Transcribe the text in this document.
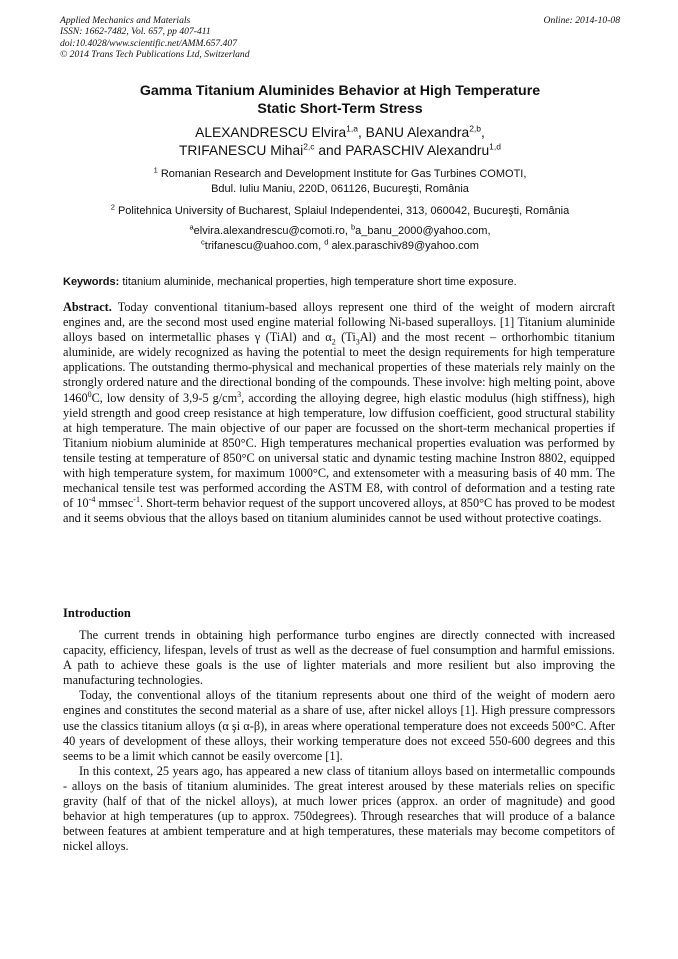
Applied Mechanics and Materials
ISSN: 1662-7482, Vol. 657, pp 407-411
doi:10.4028/www.scientific.net/AMM.657.407
© 2014 Trans Tech Publications Ltd, Switzerland
Online: 2014-10-08
Gamma Titanium Aluminides Behavior at High Temperature
Static Short-Term Stress
ALEXANDRESCU Elvira$^{1,a}$, BANU Alexandra$^{2,b}$,
TRIFANESCU Mihai$^{2,c}$ and PARASCHIV Alexandru$^{1,d}$
$^1$ Romanian Research and Development Institute for Gas Turbines COMOTI,
Bdul. Iuliu Maniu, 220D, 061126, Bucureşti, România
$^2$ Politehnica University of Bucharest, Splaiul Independentei, 313, 060042, Bucureşti, România
$^a$elvira.alexandrescu@comoti.ro, $^b$a_banu_2000@yahoo.com,
$^c$trifanescu@uahoo.com, $^d$ alex.paraschiv89@yahoo.com
Keywords: titanium aluminide, mechanical properties, high temperature short time exposure.
Abstract. Today conventional titanium-based alloys represent one third of the weight of modern aircraft engines and, are the second most used engine material following Ni-based superalloys. [1] Titanium aluminide alloys based on intermetallic phases γ (TiAl) and $\alpha_2$ $(Ti_3Al)$ and the most recent – orthorhombic titanium aluminide, are widely recognized as having the potential to meet the design requirements for high temperature applications. The outstanding thermo-physical and mechanical properties of these materials rely mainly on the strongly ordered nature and the directional bonding of the compounds. These involve: high melting point, above 1460$^0$C, low density of 3,9-5 $g/cm^3$, according the alloying degree, high elastic modulus (high stiffness), high yield strength and good creep resistance at high temperature, low diffusion coefficient, good structural stability at high temperature. The main objective of our paper are focussed on the short-term mechanical properties if Titanium niobium aluminide at 850°C. High temperatures mechanical properties evaluation was performed by tensile testing at temperature of 850°C on universal static and dynamic testing machine Instron 8802, equipped with high temperature system, for maximum 1000°C, and extensometer with a measuring basis of 40 mm. The mechanical tensile test was performed according the ASTM E8, with control of deformation and a testing rate of $10^{-4}$ mmsec$^{-1}$. Short-term behavior request of the support uncovered alloys, at 850°C has proved to be modest and it seems obvious that the alloys based on titanium aluminides cannot be used without protective coatings.
Introduction
The current trends in obtaining high performance turbo engines are directly connected with increased capacity, efficiency, lifespan, levels of trust as well as the decrease of fuel consumption and harmful emissions. A path to achieve these goals is the use of lighter materials and more resilient but also improving the manufacturing technologies.
Today, the conventional alloys of the titanium represents about one third of the weight of modern aero engines and constitutes the second material as a share of use, after nickel alloys [1]. High pressure compressors use the classics titanium alloys (α şi α-β), in areas where operational temperature does not exceeds 500°C. After 40 years of development of these alloys, their working temperature does not exceed 550-600 degrees and this seems to be a limit which cannot be easily overcome [1].
In this context, 25 years ago, has appeared a new class of titanium alloys based on intermetallic compounds - alloys on the basis of titanium aluminides. The great interest aroused by these materials relies on specific gravity (half of that of the nickel alloys), at much lower prices (approx. an order of magnitude) and good behavior at high temperatures (up to approx. 750degrees). Through researches that will produce of a balance between features at ambient temperature and at high temperatures, these materials may become competitors of nickel alloys.
